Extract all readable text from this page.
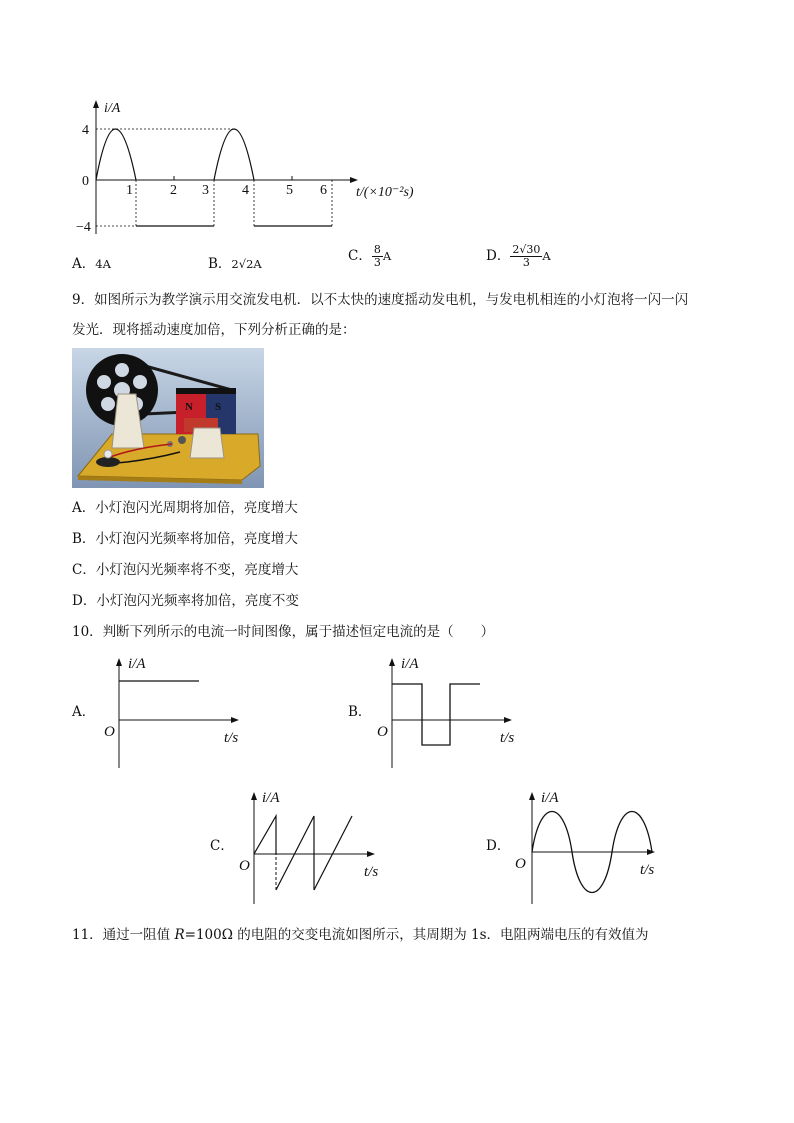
i/A
4
0
−4
1	2 3 4	5 6 t/(×10⁻²s)
A．4A	B．2√2A	C． $\frac{8}{3}$ A	D． $\frac{2√30}{3}$ A
9．如图所示为教学演示用交流发电机．以不太快的速度摇动发电机，与发电机相连的小灯泡将一闪一闪
发光．现将摇动速度加倍，下列分析正确的是：
N S
A．小灯泡闪光周期将加倍，亮度增大
B．小灯泡闪光频率将加倍，亮度增大
C．小灯泡闪光频率将不变，亮度增大
D．小灯泡闪光频率将加倍，亮度不变
10．判断下列所示的电流一时间图像，属于描述恒定电流的是（　　）
A．
i/A
O	t/s
B．
i/A
O	t/s
C．
i/A
O	t/s
D．
i/A
O	t/s
11．通过一阻值 R=100Ω 的电阻的交变电流如图所示，其周期为 1s．电阻两端电压的有效值为
